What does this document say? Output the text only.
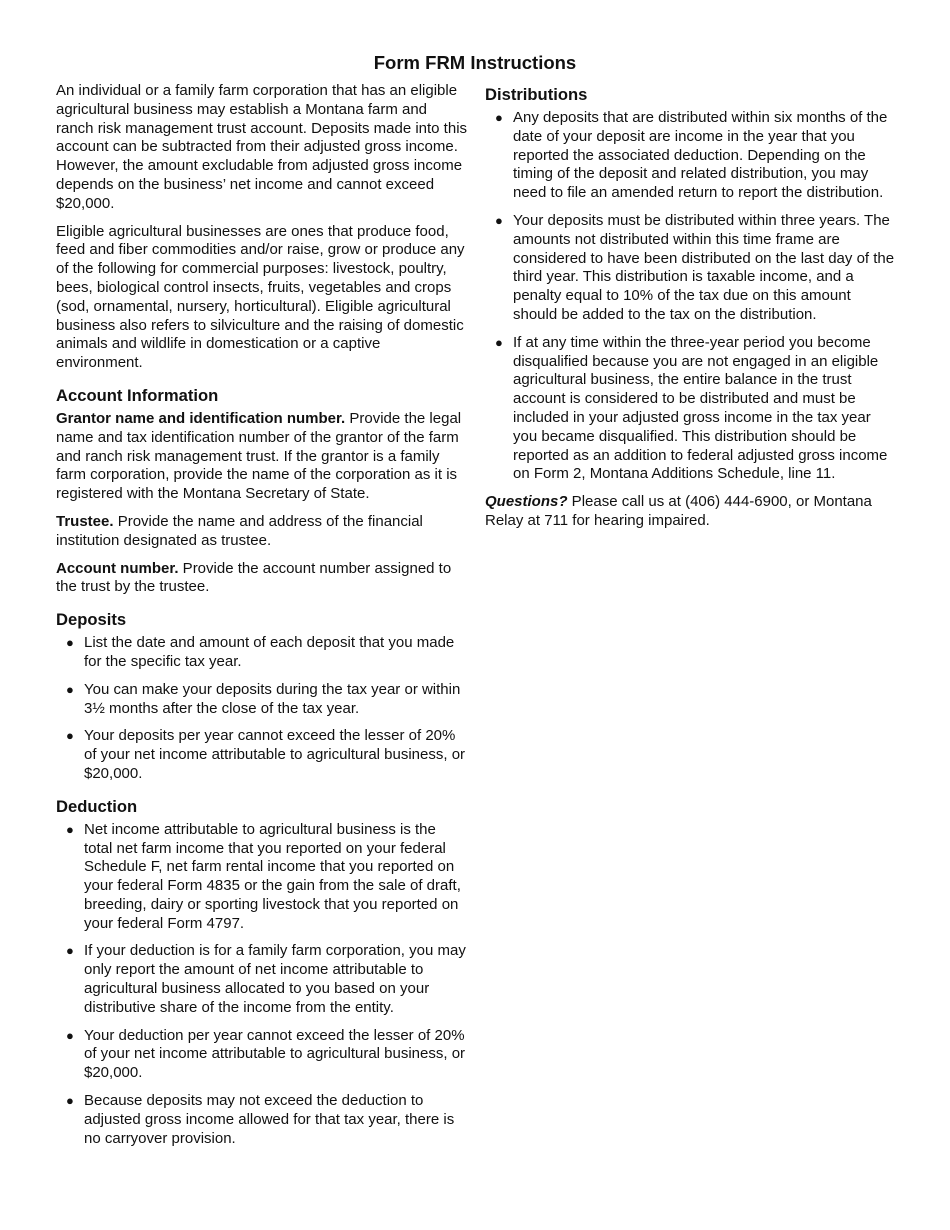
Form FRM Instructions

An individual or a family farm corporation that has an eligible agricultural business may establish a Montana farm and ranch risk management trust account. Deposits made into this account can be subtracted from their adjusted gross income. However, the amount excludable from adjusted gross income depends on the business’ net income and cannot exceed $20,000.

Eligible agricultural businesses are ones that produce food, feed and fiber commodities and/or raise, grow or produce any of the following for commercial purposes: livestock, poultry, bees, biological control insects, fruits, vegetables and crops (sod, ornamental, nursery, horticultural). Eligible agricultural business also refers to silviculture and the raising of domestic animals and wildlife in domestication or a captive environment.

Account Information

Grantor name and identification number. Provide the legal name and tax identification number of the grantor of the farm and ranch risk management trust. If the grantor is a family farm corporation, provide the name of the corporation as it is registered with the Montana Secretary of State.

Trustee. Provide the name and address of the financial institution designated as trustee.

Account number. Provide the account number assigned to the trust by the trustee.

Deposits
● List the date and amount of each deposit that you made for the specific tax year.
● You can make your deposits during the tax year or within 3½ months after the close of the tax year.
● Your deposits per year cannot exceed the lesser of 20% of your net income attributable to agricultural business, or $20,000.
Deduction
● Net income attributable to agricultural business is the total net farm income that you reported on your federal Schedule F, net farm rental income that you reported on your federal Form 4835 or the gain from the sale of draft, breeding, dairy or sporting livestock that you reported on your federal Form 4797.
● If your deduction is for a family farm corporation, you may only report the amount of net income attributable to agricultural business allocated to you based on your distributive share of the income from the entity.
● Your deduction per year cannot exceed the lesser of 20% of your net income attributable to agricultural business, or $20,000.
● Because deposits may not exceed the deduction to adjusted gross income allowed for that tax year, there is no carryover provision.
Distributions
● Any deposits that are distributed within six months of the date of your deposit are income in the year that you reported the associated deduction. Depending on the timing of the deposit and related distribution, you may need to file an amended return to report the distribution.
● Your deposits must be distributed within three years. The amounts not distributed within this time frame are considered to have been distributed on the last day of the third year. This distribution is taxable income, and a penalty equal to 10% of the tax due on this amount should be added to the tax on the distribution.
● If at any time within the three-year period you become disqualified because you are not engaged in an eligible agricultural business, the entire balance in the trust account is considered to be distributed and must be included in your adjusted gross income in the tax year you became disqualified. This distribution should be reported as an addition to federal adjusted gross income on Form 2, Montana Additions Schedule, line 11.

Questions? Please call us at (406) 444-6900, or Montana Relay at 711 for hearing impaired.
